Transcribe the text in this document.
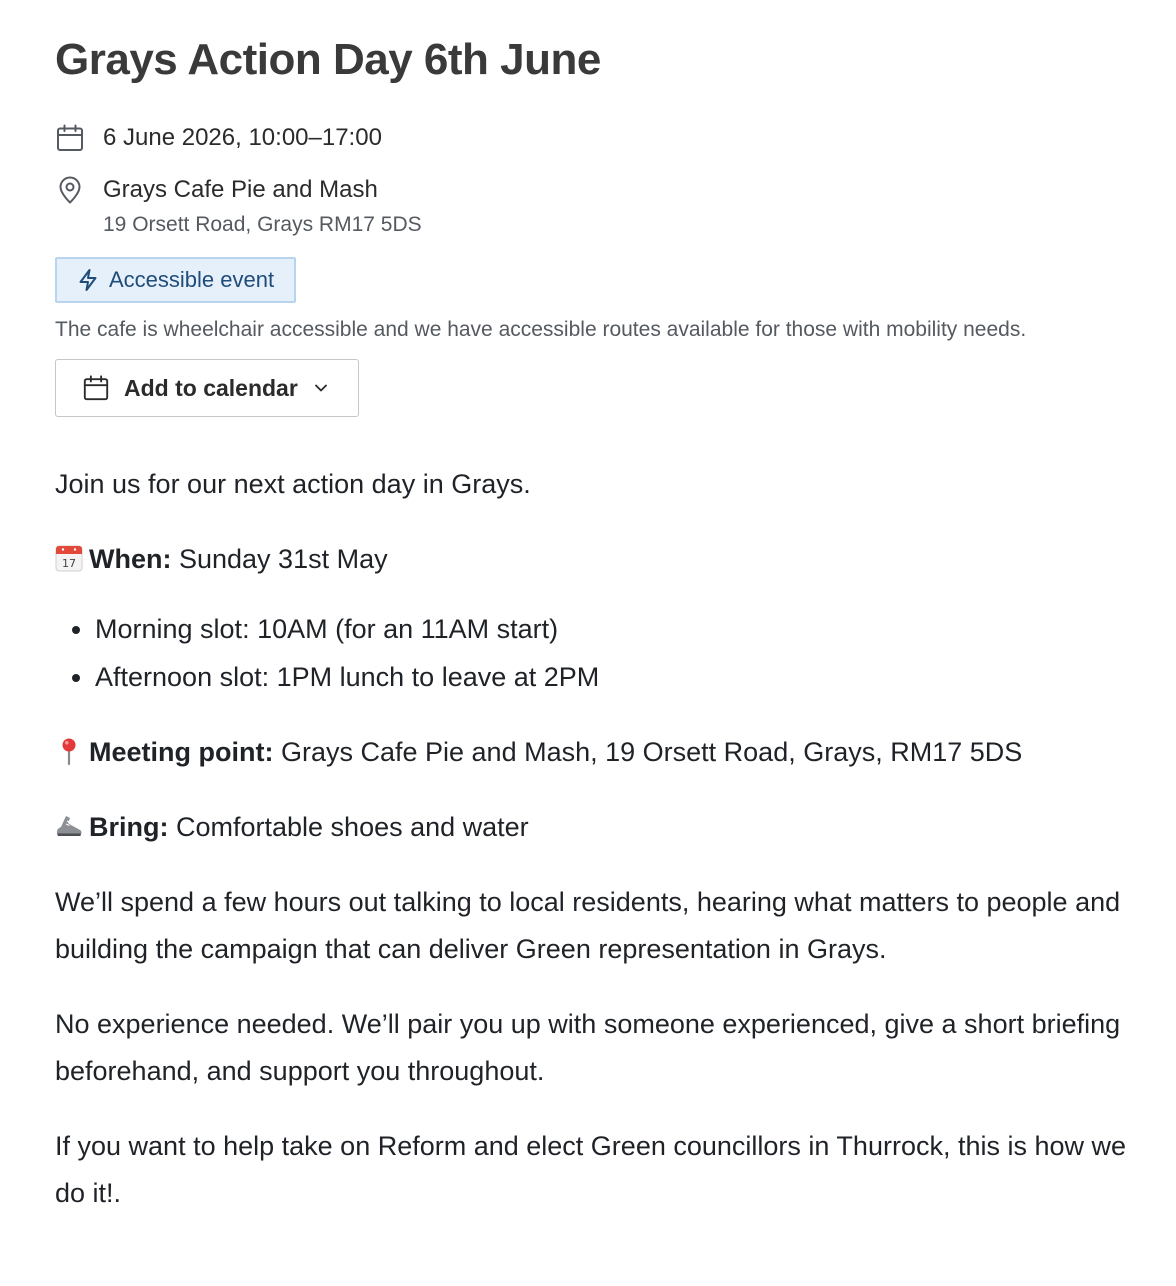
Grays Action Day 6th June
6 June 2026, 10:00–17:00
Grays Cafe Pie and Mash
19 Orsett Road, Grays RM17 5DS
Accessible event
The cafe is wheelchair accessible and we have accessible routes available for those with mobility needs.
Add to calendar

Join us for our next action day in Grays.

17 When: Sunday 31st May

• Morning slot: 10AM (for an 11AM start)
• Afternoon slot: 1PM lunch to leave at 2PM

Meeting point: Grays Cafe Pie and Mash, 19 Orsett Road, Grays, RM17 5DS

Bring: Comfortable shoes and water

We’ll spend a few hours out talking to local residents, hearing what matters to people and building the campaign that can deliver Green representation in Grays.

No experience needed. We’ll pair you up with someone experienced, give a short briefing beforehand, and support you throughout.

If you want to help take on Reform and elect Green councillors in Thurrock, this is how we do it!.
